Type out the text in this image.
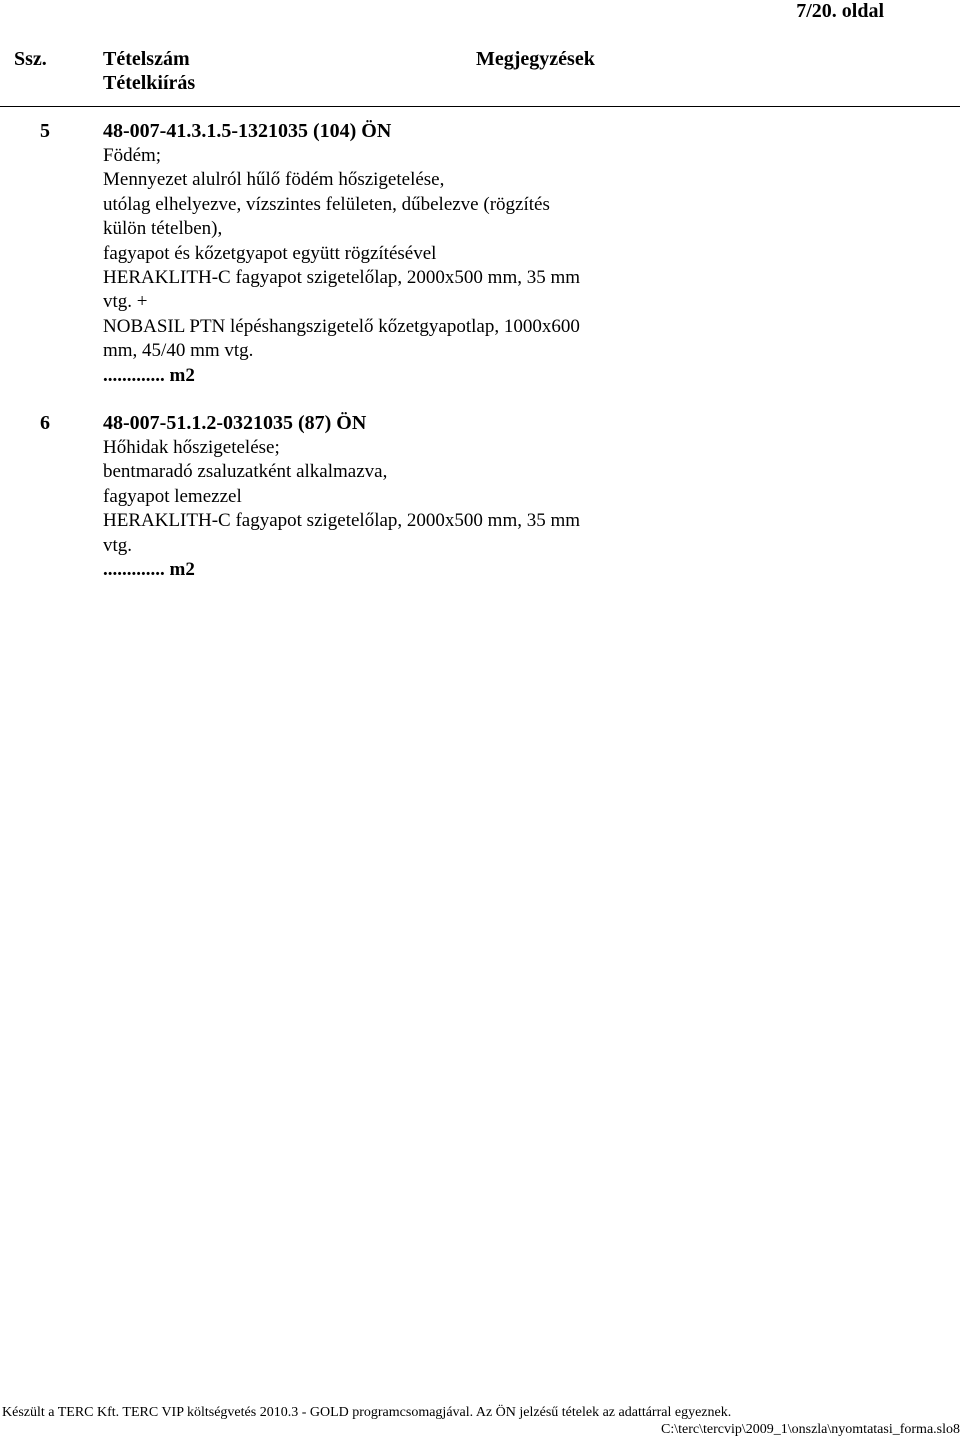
7/20. oldal
Ssz.	Tételszám
Tételkiírás
Megjegyzések
5	48-007-41.3.1.5-1321035 (104) ÖN
Födém;
Mennyezet alulról hűlő födém hőszigetelése,
utólag elhelyezve, vízszintes felületen, dűbelezve (rögzítés
külön tételben),
fagyapot és kőzetgyapot együtt rögzítésével
HERAKLITH-C fagyapot szigetelőlap, 2000x500 mm, 35 mm
vtg. +
NOBASIL PTN lépéshangszigetelő kőzetgyapotlap, 1000x600
mm, 45/40 mm vtg.
............. m2
6	48-007-51.1.2-0321035 (87) ÖN
Hőhidak hőszigetelése;
bentmaradó zsaluzatként alkalmazva,
fagyapot lemezzel
HERAKLITH-C fagyapot szigetelőlap, 2000x500 mm, 35 mm
vtg.
............. m2
Készült a TERC Kft. TERC VIP költségvetés 2010.3 - GOLD programcsomagjával. Az ÖN jelzésű tételek az adattárral egyeznek.
C:\terc\tercvip\2009_1\onszla\nyomtatasi_forma.slo8
